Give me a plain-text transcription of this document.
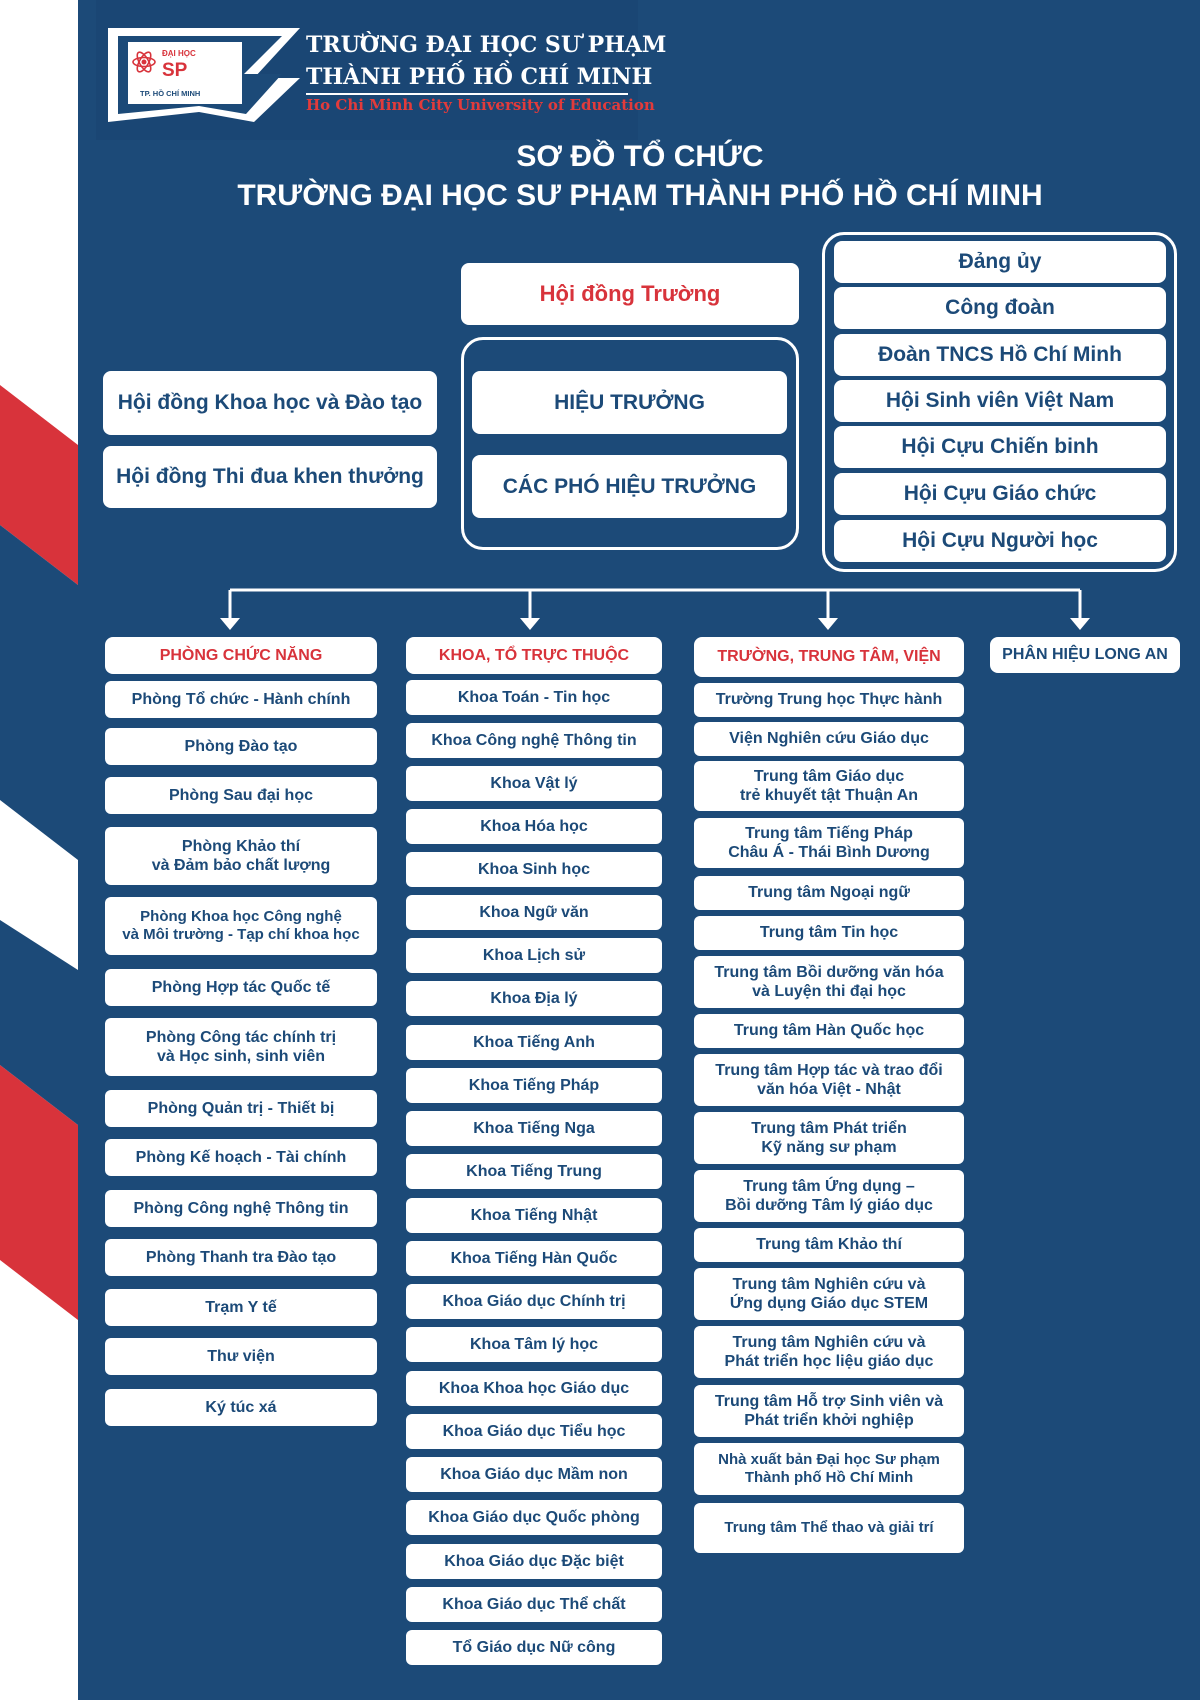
ĐẠI HỌC
SP
TP. HỒ CHÍ MINH
TRƯỜNG ĐẠI HỌC SƯ PHẠM
THÀNH PHỐ HỒ CHÍ MINH
Ho Chi Minh City University of Education
SƠ ĐỒ TỔ CHỨC
TRƯỜNG ĐẠI HỌC SƯ PHẠM THÀNH PHỐ HỒ CHÍ MINH
Hội đồng Trường
HIỆU TRƯỞNG
CÁC PHÓ HIỆU TRƯỞNG
Hội đồng Khoa học và Đào tạo
Hội đồng Thi đua khen thưởng
Đảng ủy
Công đoàn
Đoàn TNCS Hồ Chí Minh
Hội Sinh viên Việt Nam
Hội Cựu Chiến binh
Hội Cựu Giáo chức
Hội Cựu Người học
PHÒNG CHỨC NĂNG	KHOA, TỔ TRỰC THUỘC	TRƯỜNG, TRUNG TÂM, VIỆN	PHÂN HIỆU LONG AN
Phòng Tổ chức - Hành chính
Phòng Đào tạo
Phòng Sau đại học
Phòng Khảo thí
và Đảm bảo chất lượng
Phòng Khoa học Công nghệ
và Môi trường - Tạp chí khoa học
Phòng Hợp tác Quốc tế
Phòng Công tác chính trị
và Học sinh, sinh viên
Phòng Quản trị - Thiết bị
Phòng Kế hoạch - Tài chính
Phòng Công nghệ Thông tin
Phòng Thanh tra Đào tạo
Trạm Y tế
Thư viện
Ký túc xá
Khoa Toán - Tin học
Khoa Công nghệ Thông tin
Khoa Vật lý
Khoa Hóa học
Khoa Sinh học
Khoa Ngữ văn
Khoa Lịch sử
Khoa Địa lý
Khoa Tiếng Anh
Khoa Tiếng Pháp
Khoa Tiếng Nga
Khoa Tiếng Trung
Khoa Tiếng Nhật
Khoa Tiếng Hàn Quốc
Khoa Giáo dục Chính trị
Khoa Tâm lý học
Khoa Khoa học Giáo dục
Khoa Giáo dục Tiểu học
Khoa Giáo dục Mầm non
Khoa Giáo dục Quốc phòng
Khoa Giáo dục Đặc biệt
Khoa Giáo dục Thể chất
Tổ Giáo dục Nữ công
Trường Trung học Thực hành
Viện Nghiên cứu Giáo dục
Trung tâm Giáo dục
trẻ khuyết tật Thuận An
Trung tâm Tiếng Pháp
Châu Á - Thái Bình Dương
Trung tâm Ngoại ngữ
Trung tâm Tin học
Trung tâm Bồi dưỡng văn hóa
và Luyện thi đại học
Trung tâm Hàn Quốc học
Trung tâm Hợp tác và trao đổi
văn hóa Việt - Nhật
Trung tâm Phát triển
Kỹ năng sư phạm
Trung tâm Ứng dụng –
Bồi dưỡng Tâm lý giáo dục
Trung tâm Khảo thí
Trung tâm Nghiên cứu và
Ứng dụng Giáo dục STEM
Trung tâm Nghiên cứu và
Phát triển học liệu giáo dục
Trung tâm Hỗ trợ Sinh viên và
Phát triển khởi nghiệp
Nhà xuất bản Đại học Sư phạm
Thành phố Hồ Chí Minh
Trung tâm Thể thao và giải trí
